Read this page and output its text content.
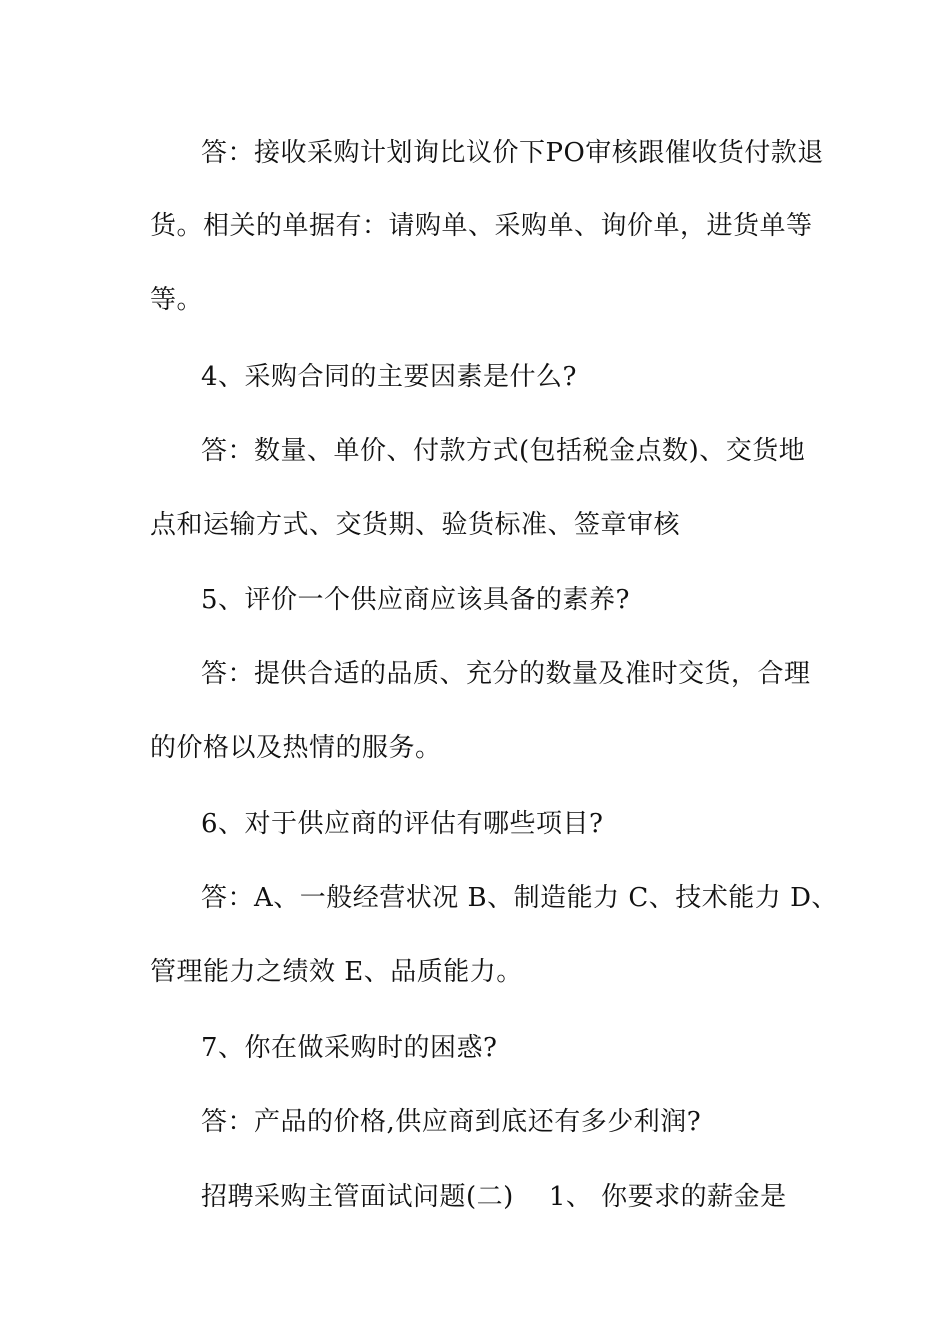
答：接收采购计划询比议价下PO审核跟催收货付款退
货。相关的单据有：请购单、采购单、询价单，进货单等
等。
4、采购合同的主要因素是什么?
答：数量、单价、付款方式(包括税金点数)、交货地
点和运输方式、交货期、验货标准、签章审核
5、评价一个供应商应该具备的素养?
答：提供合适的品质、充分的数量及准时交货，合理
的价格以及热情的服务。
6、对于供应商的评估有哪些项目?
答：A、一般经营状况 B、制造能力 C、技术能力 D、
管理能力之绩效 E、品质能力。
7、你在做采购时的困惑?
答：产品的价格,供应商到底还有多少利润?
招聘采购主管面试问题(二)    1、 你要求的薪金是
